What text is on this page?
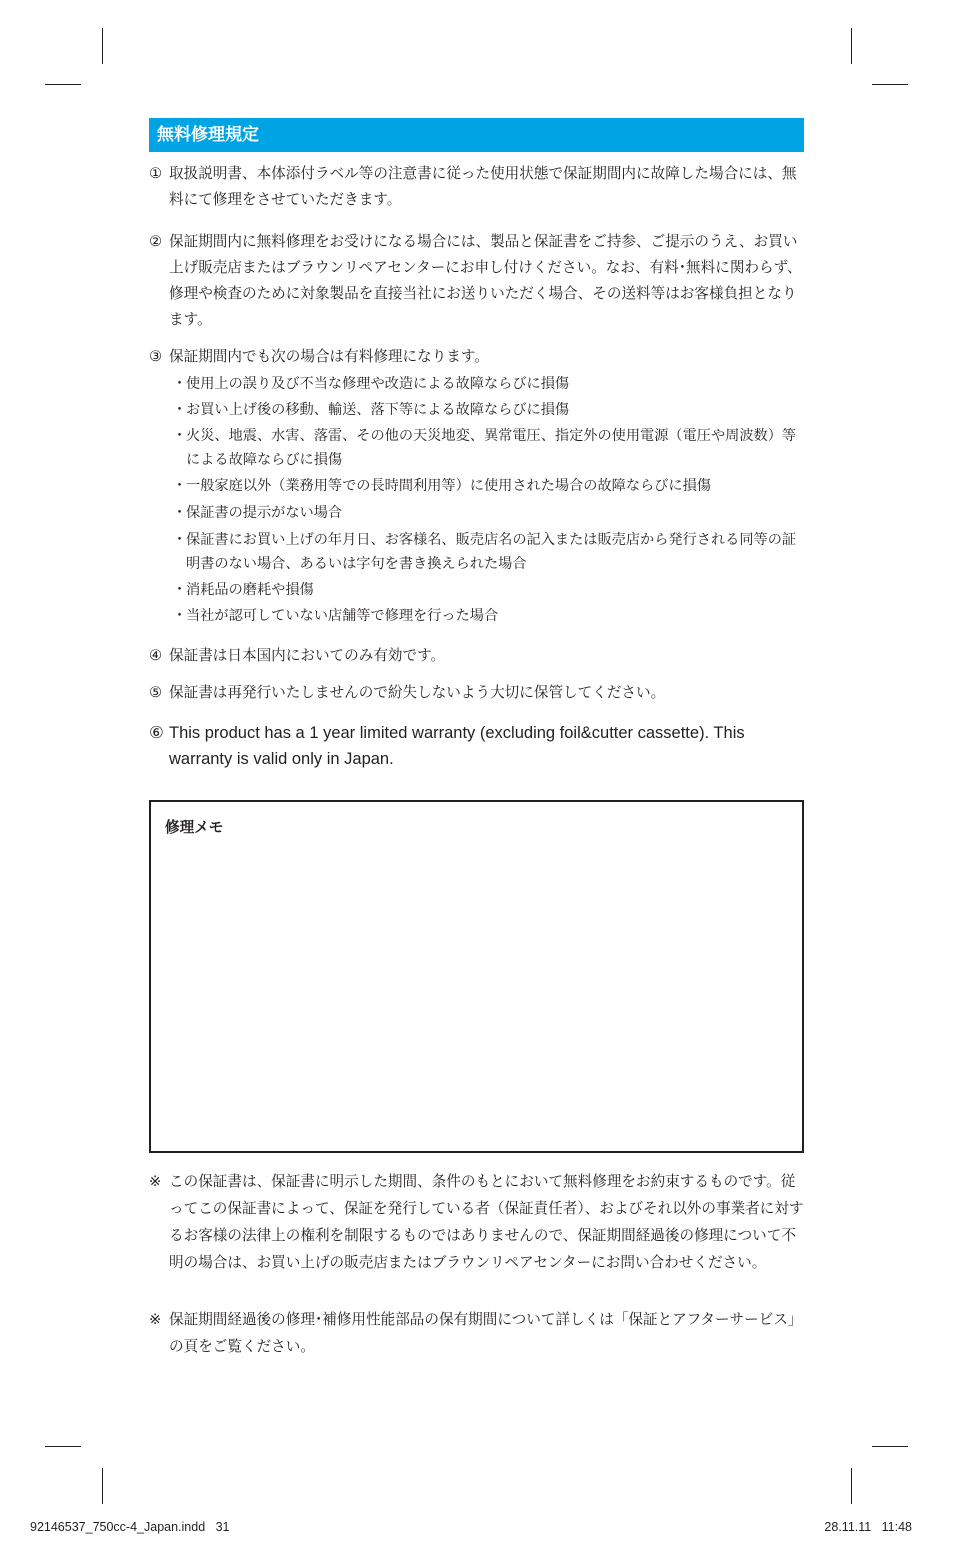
無料修理規定
① 取扱説明書、本体添付ラベル等の注意書に従った使用状態で保証期間内に故障した場合には、無料にて修理をさせていただきます。
② 保証期間内に無料修理をお受けになる場合には、製品と保証書をご持参、ご提示のうえ、お買い上げ販売店またはブラウンリペアセンターにお申し付けください。なお、有料･無料に関わらず、修理や検査のために対象製品を直接当社にお送りいただく場合、その送料等はお客様負担となります。
③ 保証期間内でも次の場合は有料修理になります。
･ 使用上の誤り及び不当な修理や改造による故障ならびに損傷
･ お買い上げ後の移動、輸送、落下等による故障ならびに損傷
･ 火災、地震、水害、落雷、その他の天災地変、異常電圧、指定外の使用電源（電圧や周波数）等による故障ならびに損傷
･ 一般家庭以外（業務用等での長時間利用等）に使用された場合の故障ならびに損傷
･ 保証書の提示がない場合
･ 保証書にお買い上げの年月日、お客様名、販売店名の記入または販売店から発行される同等の証明書のない場合、あるいは字句を書き換えられた場合
･ 消耗品の磨耗や損傷
･ 当社が認可していない店舗等で修理を行った場合
④ 保証書は日本国内においてのみ有効です。
⑤ 保証書は再発行いたしませんので紛失しないよう大切に保管してください。
⑥ This product has a 1 year limited warranty (excluding foil&cutter cassette). This warranty is valid only in Japan.
修理メモ
※ この保証書は、保証書に明示した期間、条件のもとにおいて無料修理をお約束するものです。従ってこの保証書によって、保証を発行している者（保証責任者）、およびそれ以外の事業者に対するお客様の法律上の権利を制限するものではありませんので、保証期間経過後の修理について不明の場合は、お買い上げの販売店またはブラウンリペアセンターにお問い合わせください。
※ 保証期間経過後の修理･補修用性能部品の保有期間について詳しくは「保証とアフターサービス」の頁をご覧ください。
92146537_750cc-4_Japan.indd   31	28.11.11   11:48
